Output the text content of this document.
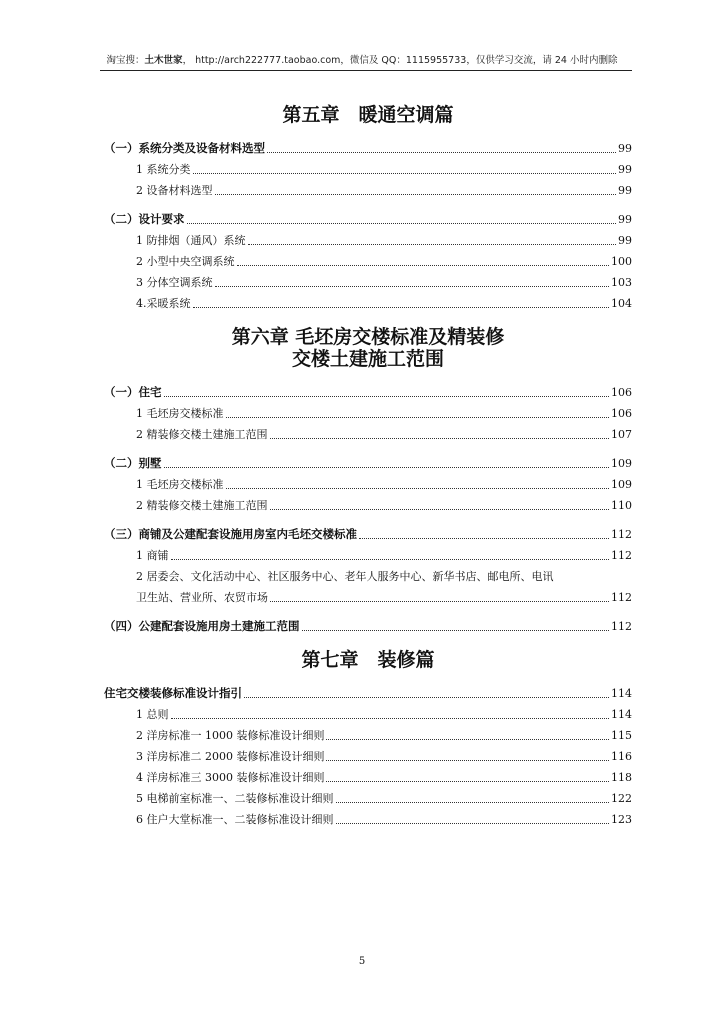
淘宝搜：土木世家， http://arch222777.taobao.com，微信及 QQ：1115955733，仅供学习交流，请 24 小时内删除
第五章　暖通空调篇
（一）系统分类及设备材料选型	99
1 系统分类	99
2 设备材料选型	99
（二）设计要求	99
1 防排烟（通风）系统	99
2 小型中央空调系统	100
3 分体空调系统	103
4.采暖系统	104
第六章 毛坯房交楼标准及精装修
交楼土建施工范围
（一）住宅	106
1 毛坯房交楼标准	106
2 精装修交楼土建施工范围	107
（二）别墅	109
1 毛坯房交楼标准	109
2 精装修交楼土建施工范围	110
（三）商铺及公建配套设施用房室内毛坯交楼标准	112
1 商铺	112
2 居委会、文化活动中心、社区服务中心、老年人服务中心、新华书店、邮电所、电讯
卫生站、营业所、农贸市场	112
（四）公建配套设施用房土建施工范围	112
第七章　装修篇
住宅交楼装修标准设计指引	114
1 总则	114
2 洋房标准一 1000 装修标准设计细则	115
3 洋房标准二 2000 装修标准设计细则	116
4 洋房标准三 3000 装修标准设计细则	118
5 电梯前室标准一、二装修标准设计细则	122
6 住户大堂标准一、二装修标准设计细则	123
5
